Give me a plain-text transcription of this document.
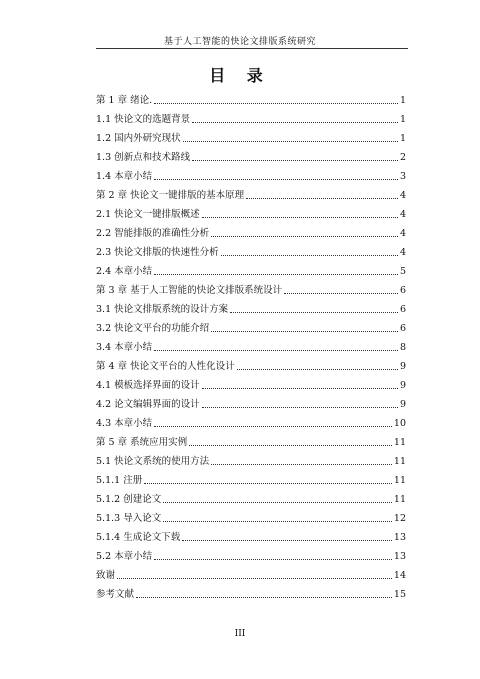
基于人工智能的快论文排版系统研究
目 录
第 1 章 绪论.	1
1.1 快论文的选题背景	1
1.2 国内外研究现状	1
1.3 创新点和技术路线	2
1.4 本章小结	3
第 2 章 快论文一键排版的基本原理	4
2.1 快论文一键排版概述	4
2.2 智能排版的准确性分析	4
2.3 快论文排版的快速性分析	4
2.4 本章小结	5
第 3 章 基于人工智能的快论文排版系统设计	6
3.1 快论文排版系统的设计方案	6
3.2 快论文平台的功能介绍	6
3.4 本章小结	8
第 4 章 快论文平台的人性化设计	9
4.1 模板选择界面的设计	9
4.2 论文编辑界面的设计	9
4.3 本章小结	10
第 5 章 系统应用实例	11
5.1 快论文系统的使用方法	11
5.1.1 注册	11
5.1.2 创建论文	11
5.1.3 导入论文	12
5.1.4 生成论文下载	13
5.2 本章小结	13
致谢	14
参考文献	15
III
